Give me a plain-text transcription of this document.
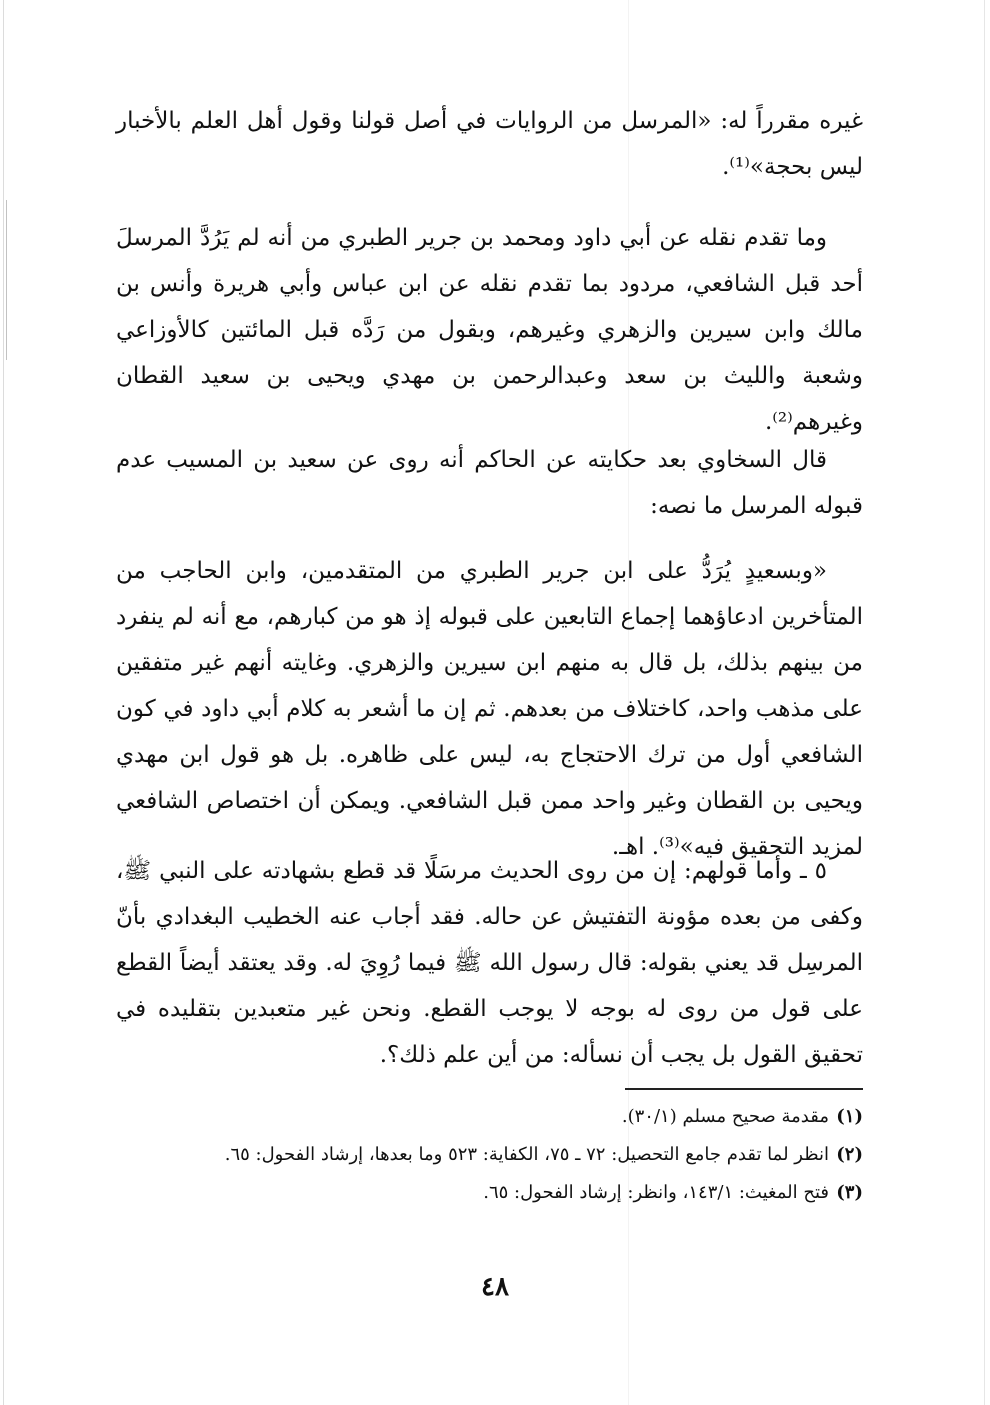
غيره مقرراً له: «المرسل من الروايات في أصل قولنا وقول أهل العلم بالأخبار ليس بحجة»⁽¹⁾.

وما تقدم نقله عن أبي داود ومحمد بن جرير الطبري من أنه لم يَرُدَّ المرسلَ أحد قبل الشافعي، مردود بما تقدم نقله عن ابن عباس وأبي هريرة وأنس بن مالك وابن سيرين والزهري وغيرهم، وبقول من رَدَّه قبل المائتين كالأوزاعي وشعبة والليث بن سعد وعبدالرحمن بن مهدي ويحيى بن سعيد القطان وغيرهم⁽²⁾.

قال السخاوي بعد حكايته عن الحاكم أنه روى عن سعيد بن المسيب عدم قبوله المرسل ما نصه:

«وبسعيدٍ يُرَدُّ على ابن جرير الطبري من المتقدمين، وابن الحاجب من المتأخرين ادعاؤهما إجماع التابعين على قبوله إذ هو من كبارهم، مع أنه لم ينفرد من بينهم بذلك، بل قال به منهم ابن سيرين والزهري. وغايته أنهم غير متفقين على مذهب واحد، كاختلاف من بعدهم. ثم إن ما أشعر به كلام أبي داود في كون الشافعي أول من ترك الاحتجاج به، ليس على ظاهره. بل هو قول ابن مهدي ويحيى بن القطان وغير واحد ممن قبل الشافعي. ويمكن أن اختصاص الشافعي لمزيد التحقيق فيه»⁽³⁾. اهـ.

٥ ـ وأما قولهم: إن من روى الحديث مرسَلًا قد قطع بشهادته على النبي ﷺ، وكفى من بعده مؤونة التفتيش عن حاله. فقد أجاب عنه الخطيب البغدادي بأنّ المرسِل قد يعني بقوله: قال رسول الله ﷺ فيما رُوِيَ له. وقد يعتقد أيضاً القطع على قول من روى له بوجه لا يوجب القطع. ونحن غير متعبدين بتقليده في تحقيق القول بل يجب أن نسأله: من أين علم ذلك؟.

(١)
مقدمة صحيح مسلم (٣٠/١).
(٢)
انظر لما تقدم جامع التحصيل: ٧٢ ـ ٧٥، الكفاية: ٥٢٣ وما بعدها، إرشاد الفحول: ٦٥.
(٣)
فتح المغيث: ١٤٣/١، وانظر: إرشاد الفحول: ٦٥.
٤٨
